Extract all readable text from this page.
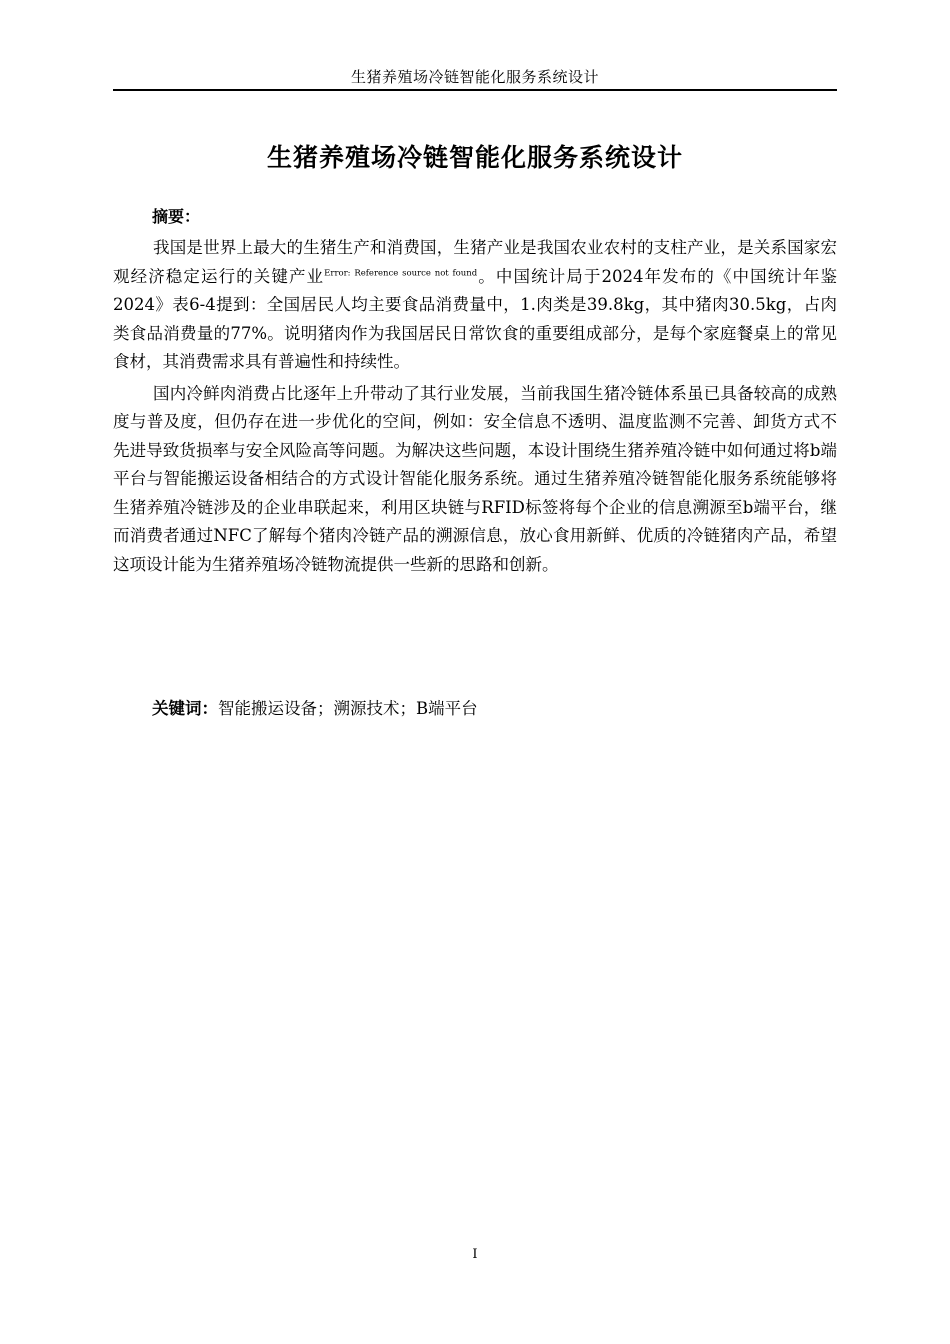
生猪养殖场冷链智能化服务系统设计
生猪养殖场冷链智能化服务系统设计

摘要：

我国是世界上最大的生猪生产和消费国，生猪产业是我国农业农村的支柱产业，是关系国家宏观经济稳定运行的关键产业$^{Error: Reference source not found}$。中国统计局于2024年发布的《中国统计年鉴2024》表6-4提到：全国居民人均主要食品消费量中，1.肉类是39.8kg，其中猪肉30.5kg，占肉类食品消费量的77%。说明猪肉作为我国居民日常饮食的重要组成部分，是每个家庭餐桌上的常见食材，其消费需求具有普遍性和持续性。

国内冷鲜肉消费占比逐年上升带动了其行业发展，当前我国生猪冷链体系虽已具备较高的成熟度与普及度，但仍存在进一步优化的空间，例如：安全信息不透明、温度监测不完善、卸货方式不先进导致货损率与安全风险高等问题。为解决这些问题，本设计围绕生猪养殖冷链中如何通过将b端平台与智能搬运设备相结合的方式设计智能化服务系统。通过生猪养殖冷链智能化服务系统能够将生猪养殖冷链涉及的企业串联起来，利用区块链与RFID标签将每个企业的信息溯源至b端平台，继而消费者通过NFC了解每个猪肉冷链产品的溯源信息，放心食用新鲜、优质的冷链猪肉产品，希望这项设计能为生猪养殖场冷链物流提供一些新的思路和创新。

关键词：智能搬运设备；溯源技术；B端平台

I
